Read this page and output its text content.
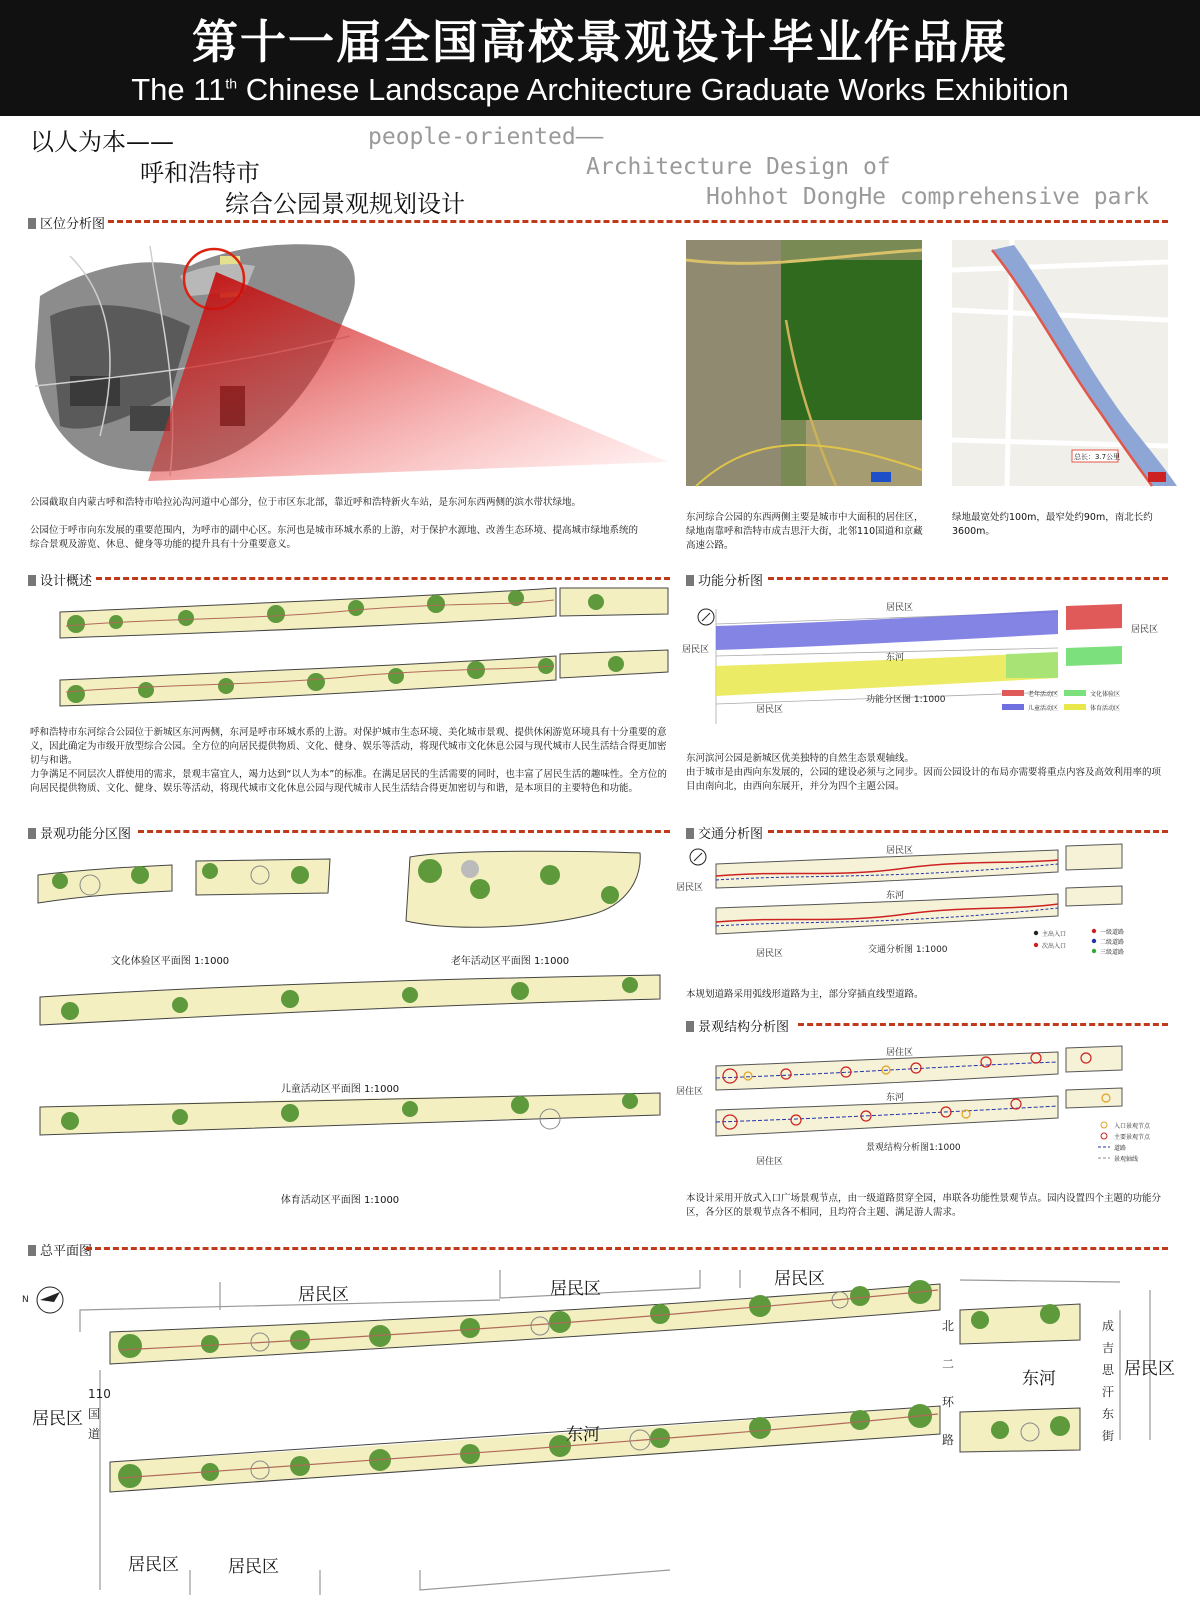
第十一届全国高校景观设计毕业作品展
The 11th Chinese Landscape Architecture Graduate Works Exhibition
以人为本——
呼和浩特市
综合公园景观规划设计
people-oriented——
Architecture Design of
Hohhot DongHe comprehensive park
区位分析图
总长：3.7公里
公园截取自内蒙古呼和浩特市哈拉沁沟河道中心部分，位于市区东北部，靠近呼和浩特新火车站，是东河东西两侧的滨水带状绿地。
公园位于呼市向东发展的重要范围内，为呼市的副中心区。东河也是城市环城水系的上游，对于保护水源地、改善生态环境、提高城市绿地系统的综合景观及游览、休息、健身等功能的提升具有十分重要意义。
东河综合公园的东西两侧主要是城市中大面积的居住区，绿地南靠呼和浩特市成吉思汗大街，北邻110国道和京藏高速公路。
绿地最宽处约100m，最窄处约90m，南北长约3600m。
设计概述
呼和浩特市东河综合公园位于新城区东河两侧，东河是呼市环城水系的上游。对保护城市生态环境、美化城市景观、提供休闲游览环境具有十分重要的意义，因此确定为市级开放型综合公园。全方位的向居民提供物质、文化、健身、娱乐等活动，将现代城市文化休息公园与现代城市人民生活结合得更加密切与和谐。
力争满足不同层次人群使用的需求，景观丰富宜人，竭力达到“以人为本”的标准。在满足居民的生活需要的同时，也丰富了居民生活的趣味性。全方位的向居民提供物质、文化、健身、娱乐等活动，将现代城市文化休息公园与现代城市人民生活结合得更加密切与和谐，是本项目的主要特色和功能。
功能分析图
居民区
东河
居民区
居民区
居民区
功能分区图 1:1000
老年活动区	文化体验区
儿童活动区	体育活动区
东河滨河公园是新城区优美独特的自然生态景观轴线。
由于城市是由西向东发展的，公园的建设必须与之同步。因而公园设计的布局亦需要将重点内容及高效利用率的项目由南向北，由西向东展开，并分为四个主题公园。
景观功能分区图
文化体验区平面图 1:1000	老年活动区平面图 1:1000
儿童活动区平面图 1:1000
体育活动区平面图 1:1000
交通分析图
居民区
东河
居民区
居民区	交通分析图 1:1000
主出入口
次出入口
一级道路
二级道路
三级道路
本规划道路采用弧线形道路为主，部分穿插直线型道路。
景观结构分析图
居住区
东河
居住区
居住区
景观结构分析图1:1000
入口景观节点
主要景观节点
道路
景观轴线
本设计采用开放式入口广场景观节点，由一级道路贯穿全园，串联各功能性景观节点。园内设置四个主题的功能分区，各分区的景观节点各不相同，且均符合主题、满足游人需求。
总平面图
N	居民区	居民区	居民区
居民区
居民区
居民区	居民区
东河
东河
110
国
道
北
二
环
路
成
吉
思
汗
东
街
